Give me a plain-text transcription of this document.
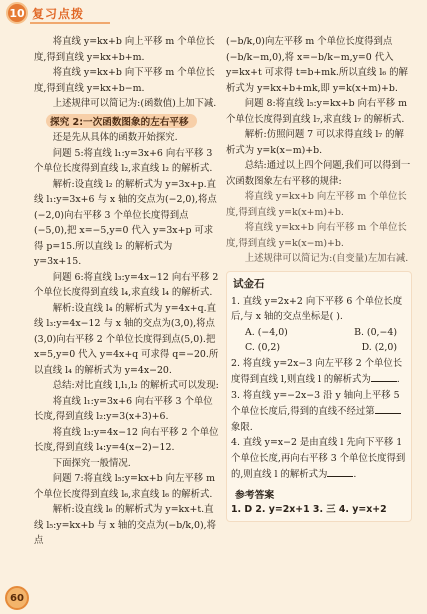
10 复习点拨

将直线 y=kx+b 向上平移 m 个单位长度,得到直线 y=kx+b+m.

将直线 y=kx+b 向下平移 m 个单位长度,得到直线 y=kx+b−m.

上述规律可以简记为:(函数值)上加下减.

探究 2:一次函数图象的左右平移

还是先从具体的函数开始探究.

问题 5:将直线 l₁:y=3x+6 向右平移 3 个单位长度得到直线 l₂,求直线 l₂ 的解析式.

解析:设直线 l₂ 的解析式为 y=3x+p.直线 l₁:y=3x+6 与 x 轴的交点为(−2,0),将点(−2,0)向右平移 3 个单位长度得到点(−5,0),把 x=−5,y=0 代入 y=3x+p 可求得 p=15.所以直线 l₂ 的解析式为 y=3x+15.

问题 6:将直线 l₃:y=4x−12 向右平移 2 个单位长度得到直线 l₄,求直线 l₄ 的解析式.

解析:设直线 l₄ 的解析式为 y=4x+q.直线 l₃:y=4x−12 与 x 轴的交点为(3,0),将点(3,0)向右平移 2 个单位长度得到点(5,0).把 x=5,y=0 代入 y=4x+q 可求得 q=−20.所以直线 l₄ 的解析式为 y=4x−20.

总结:对比直线 l,l₁,l₂ 的解析式可以发现:

将直线 l₁:y=3x+6 向右平移 3 个单位长度,得到直线 l₂:y=3(x+3)+6.

将直线 l₃:y=4x−12 向右平移 2 个单位长度,得到直线 l₄:y=4(x−2)−12.

下面探究一般情况.

问题 7:将直线 l₅:y=kx+b 向左平移 m 个单位长度得到直线 l₆,求直线 l₆ 的解析式.

解析:设直线 l₆ 的解析式为 y=kx+t.直线 l₅:y=kx+b 与 x 轴的交点为(−b/k,0),将点

(−b/k,0)向左平移 m 个单位长度得到点(−b/k−m,0),将 x=−b/k−m,y=0 代入 y=kx+t 可求得 t=b+mk.所以直线 l₆ 的解析式为 y=kx+b+mk,即 y=k(x+m)+b.

问题 8:将直线 l₅:y=kx+b 向右平移 m 个单位长度得到直线 l₇,求直线 l₇ 的解析式.

解析:仿照问题 7 可以求得直线 l₇ 的解析式为 y=k(x−m)+b.

总结:通过以上四个问题,我们可以得到一次函数图象左右平移的规律:

将直线 y=kx+b 向左平移 m 个单位长度,得到直线 y=k(x+m)+b.

将直线 y=kx+b 向右平移 m 个单位长度,得到直线 y=k(x−m)+b.

上述规律可以简记为:(自变量)左加右减.

试金石

1. 直线 y=2x+2 向下平移 6 个单位长度后,与 x 轴的交点坐标是( ).

A. (−4,0)	B. (0,−4)
C. (0,2)	D. (2,0)

2. 将直线 y=2x−3 向左平移 2 个单位长度得到直线 l,则直线 l 的解析式为	.

3. 将直线 y=−2x−3 沿 y 轴向上平移 5 个单位长度后,得到的直线不经过第象限.

4. 直线 y=x−2 是由直线 l 先向下平移 1 个单位长度,再向右平移 3 个单位长度得到的,则直线 l 的解析式为	.

参考答案

1. D 2. y=2x+1 3. 三 4. y=x+2

60
